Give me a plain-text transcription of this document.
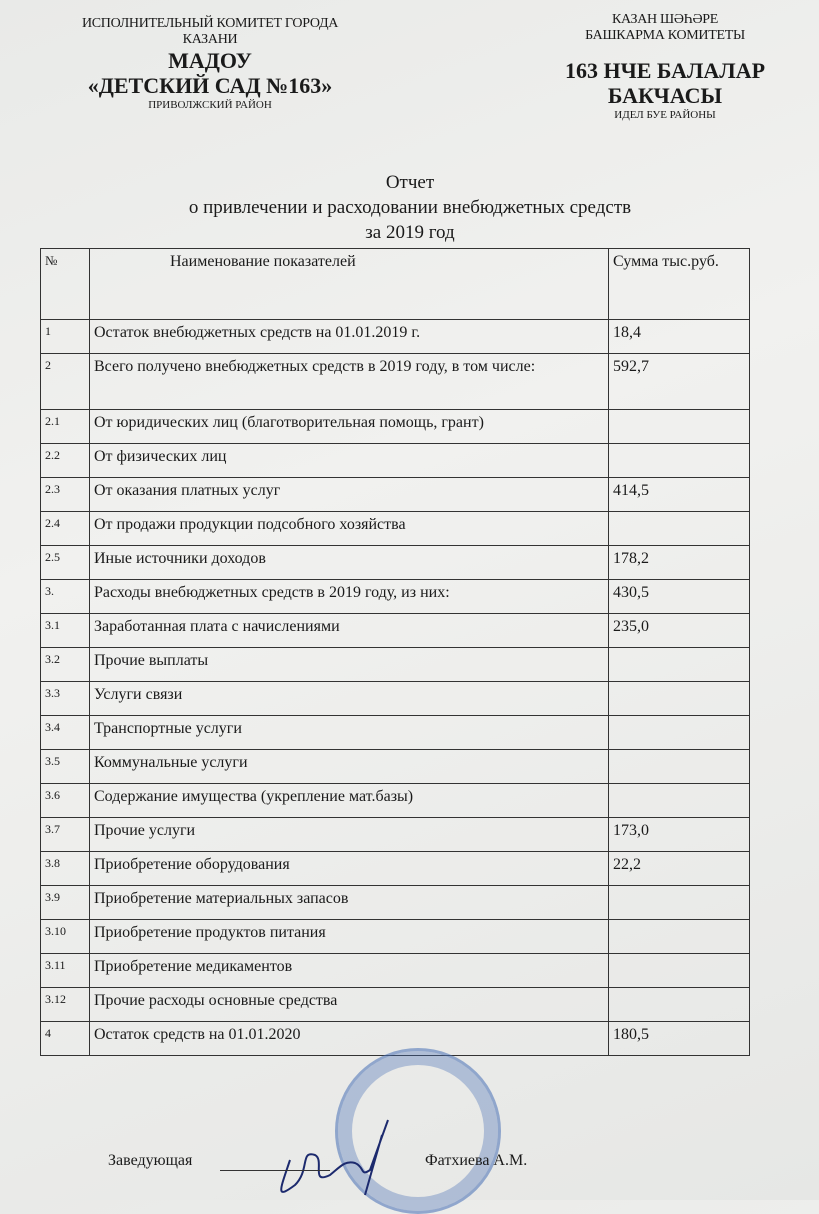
ИСПОЛНИТЕЛЬНЫЙ КОМИТЕТ ГОРОДА
КАЗАНИ
МАДОУ
«ДЕТСКИЙ САД №163»
ПРИВОЛЖСКИЙ РАЙОН
КАЗАН ШӘҺӘРЕ
БАШКАРМА КОМИТЕТЫ
163 НЧЕ БАЛАЛАР
БАКЧАСЫ
ИДЕЛ БУЕ РАЙОНЫ
Отчет
о привлечении и расходовании внебюджетных средств
за 2019 год
№	Наименование показателей	Сумма тыс.руб.
1	Остаток внебюджетных средств на 01.01.2019 г.	18,4
2	Всего получено внебюджетных средств в 2019 году, в том числе:	592,7
2.1	От юридических лиц (благотворительная помощь, грант)	
2.2	От физических лиц	
2.3	От оказания платных услуг	414,5
2.4	От продажи продукции подсобного хозяйства	
2.5	Иные источники доходов	178,2
3.	Расходы внебюджетных средств в 2019 году, из них:	430,5
3.1	Заработанная плата с начислениями	235,0
3.2	Прочие выплаты	
3.3	Услуги связи	
3.4	Транспортные услуги	
3.5	Коммунальные услуги	
3.6	Содержание имущества (укрепление мат.базы)	
3.7	Прочие услуги	173,0
3.8	Приобретение оборудования	22,2
3.9	Приобретение материальных запасов	
3.10	Приобретение продуктов питания	
3.11	Приобретение медикаментов	
3.12	Прочие расходы основные средства	
4	Остаток средств на 01.01.2020	180,5
Заведующая	Фатхиева А.М.
